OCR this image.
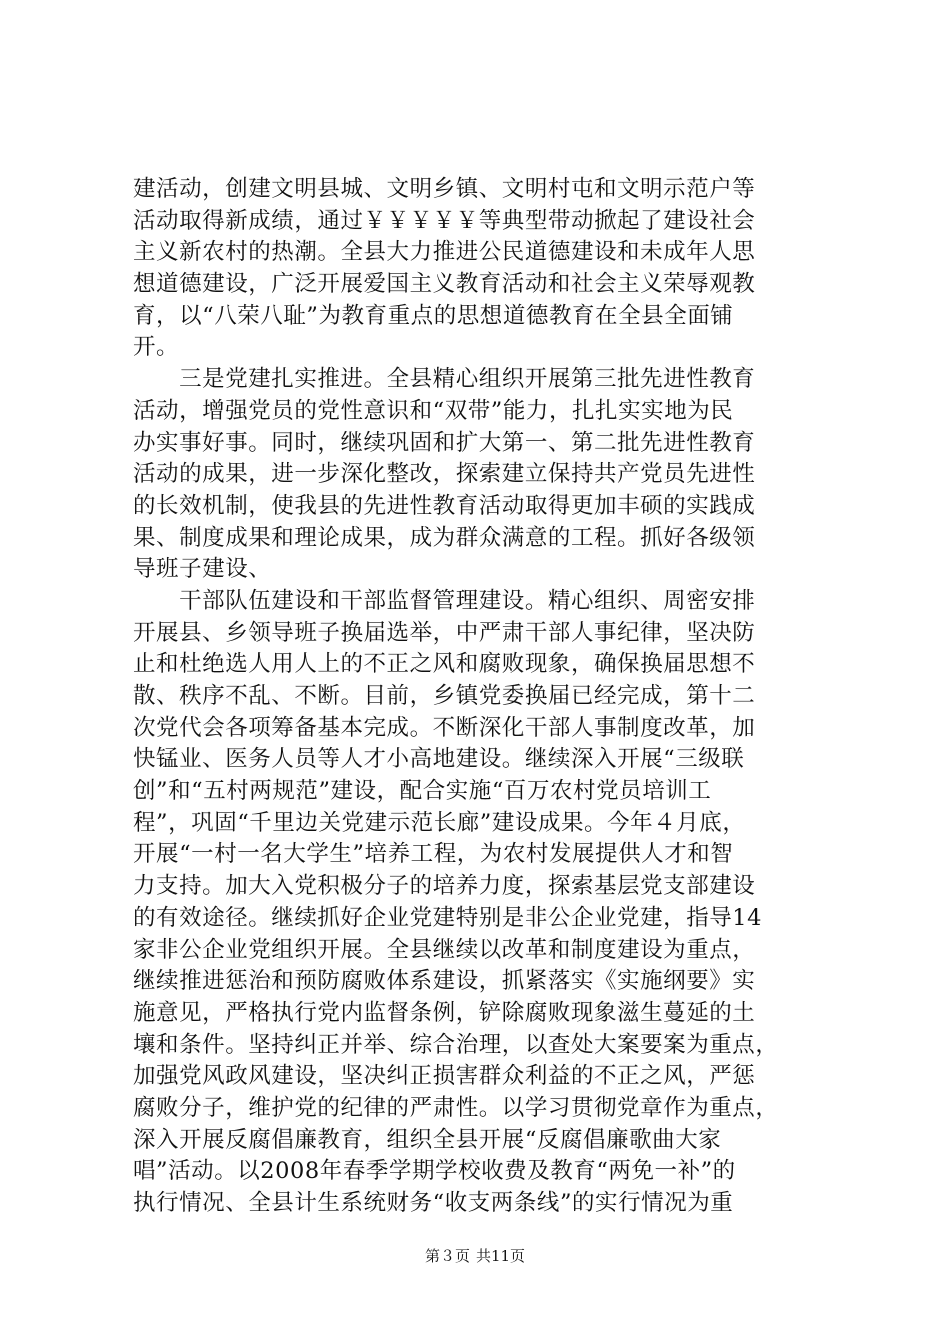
建活动，创建文明县城、文明乡镇、文明村屯和文明示范户等
活动取得新成绩，通过￥￥￥￥￥等典型带动掀起了建设社会
主义新农村的热潮。全县大力推进公民道德建设和未成年人思
想道德建设，广泛开展爱国主义教育活动和社会主义荣辱观教
育，以“八荣八耻”为教育重点的思想道德教育在全县全面铺
开。
　　三是党建扎实推进。全县精心组织开展第三批先进性教育
活动，增强党员的党性意识和“双带”能力，扎扎实实地为民
办实事好事。同时，继续巩固和扩大第一、第二批先进性教育
活动的成果，进一步深化整改，探索建立保持共产党员先进性
的长效机制，使我县的先进性教育活动取得更加丰硕的实践成
果、制度成果和理论成果，成为群众满意的工程。抓好各级领
导班子建设、
　　干部队伍建设和干部监督管理建设。精心组织、周密安排
开展县、乡领导班子换届选举，中严肃干部人事纪律，坚决防
止和杜绝选人用人上的不正之风和腐败现象，确保换届思想不
散、秩序不乱、不断。目前，乡镇党委换届已经完成，第十二
次党代会各项筹备基本完成。不断深化干部人事制度改革，加
快锰业、医务人员等人才小高地建设。继续深入开展“三级联
创”和“五村两规范”建设，配合实施“百万农村党员培训工
程”，巩固“千里边关党建示范长廊”建设成果。今年４月底，
开展“一村一名大学生”培养工程，为农村发展提供人才和智
力支持。加大入党积极分子的培养力度，探索基层党支部建设
的有效途径。继续抓好企业党建特别是非公企业党建，指导14
家非公企业党组织开展。全县继续以改革和制度建设为重点，
继续推进惩治和预防腐败体系建设，抓紧落实《实施纲要》实
施意见，严格执行党内监督条例，铲除腐败现象滋生蔓延的土
壤和条件。坚持纠正并举、综合治理，以查处大案要案为重点，
加强党风政风建设，坚决纠正损害群众利益的不正之风，严惩
腐败分子，维护党的纪律的严肃性。以学习贯彻党章作为重点，
深入开展反腐倡廉教育，组织全县开展“反腐倡廉歌曲大家
唱”活动。以2008年春季学期学校收费及教育“两免一补”的
执行情况、全县计生系统财务“收支两条线”的实行情况为重
第３页 共11页
